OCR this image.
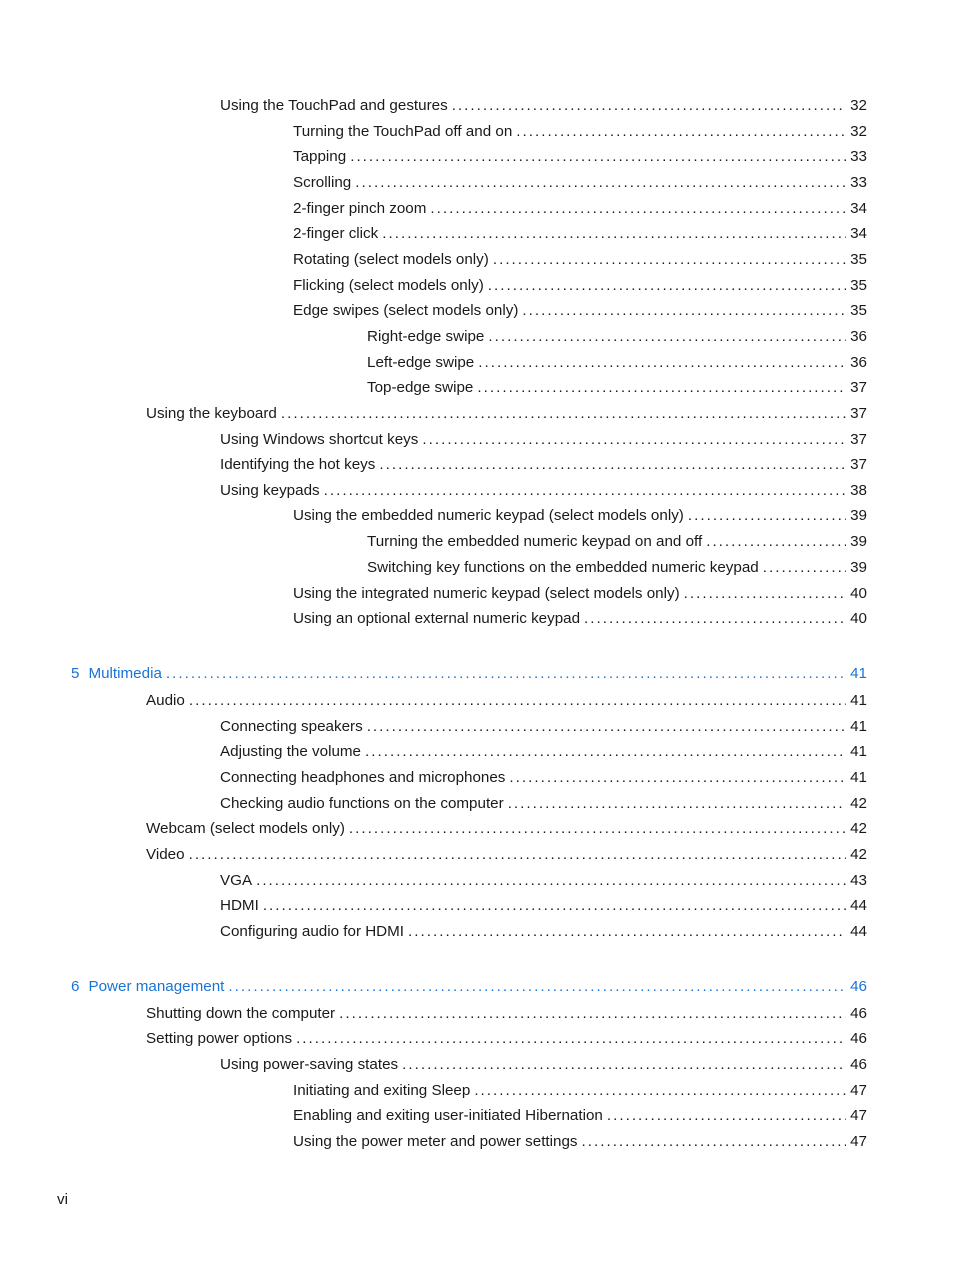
Using the TouchPad and gestures . . .	32
Turning the TouchPad off and on . . .	32
Tapping . . .	33
Scrolling . . .	33
2-finger pinch zoom . . .	34
2-finger click . . .	34
Rotating (select models only) . . .	35
Flicking (select models only) . . .	35
Edge swipes (select models only) . . .	35
Right-edge swipe . . .	36
Left-edge swipe . . .	36
Top-edge swipe . . .	37
Using the keyboard . . .	37
Using Windows shortcut keys . . .	37
Identifying the hot keys . . .	37
Using keypads . . .	38
Using the embedded numeric keypad (select models only) . . .	39
Turning the embedded numeric keypad on and off . . .	39
Switching key functions on the embedded numeric keypad . . .	39
Using the integrated numeric keypad (select models only) . . .	40
Using an optional external numeric keypad . . .	40
5 Multimedia . . .	41
Audio . . .	41
Connecting speakers . . .	41
Adjusting the volume . . .	41
Connecting headphones and microphones . . .	41
Checking audio functions on the computer . . .	42
Webcam (select models only) . . .	42
Video . . .	42
VGA . . .	43
HDMI . . .	44
Configuring audio for HDMI . . .	44
6 Power management . . .	46
Shutting down the computer . . .	46
Setting power options . . .	46
Using power-saving states . . .	46
Initiating and exiting Sleep . . .	47
Enabling and exiting user-initiated Hibernation . . .	47
Using the power meter and power settings . . .	47
vi
